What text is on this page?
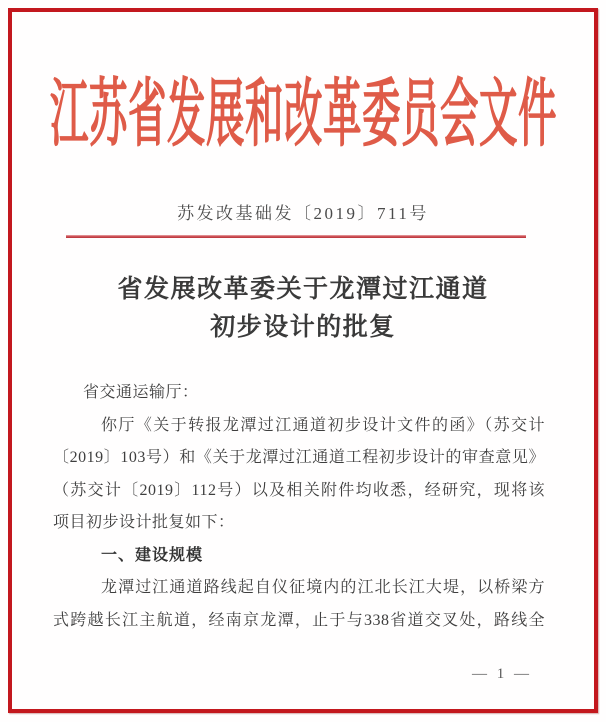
江苏省发展和改革委员会文件
苏发改基础发〔2019〕711号
省发展改革委关于龙潭过江通道
初步设计的批复
省交通运输厅：
你厅《关于转报龙潭过江通道初步设计文件的函》（苏交计
〔2019〕103号）和《关于龙潭过江通道工程初步设计的审查意见》
（苏交计〔2019〕112号）以及相关附件均收悉，经研究，现将该
项目初步设计批复如下：
一、建设规模
龙潭过江通道路线起自仪征境内的江北长江大堤，以桥梁方
式跨越长江主航道，经南京龙潭，止于与338省道交叉处，路线全
— 1 —
